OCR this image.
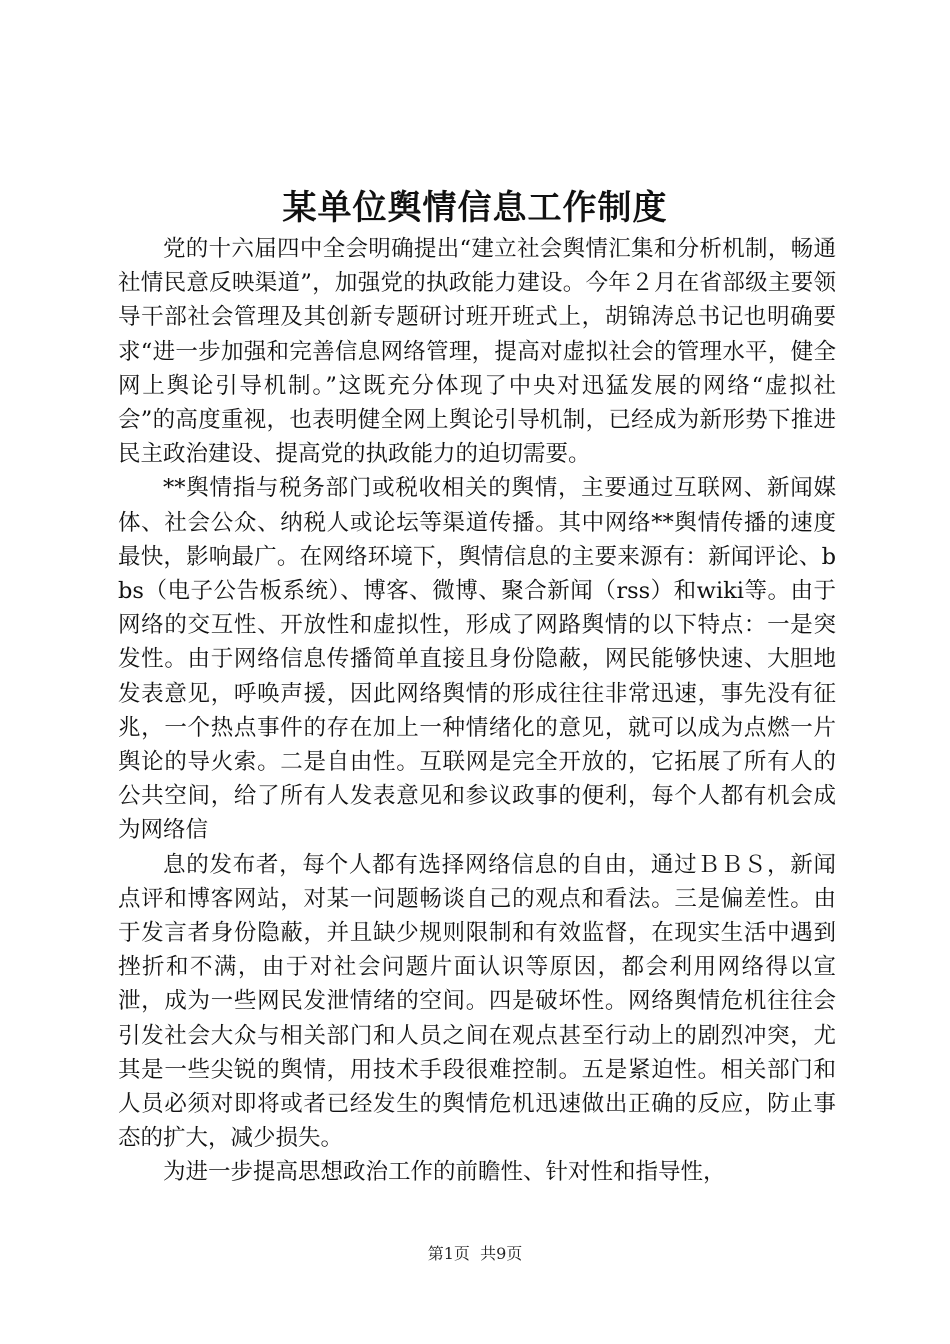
某单位舆情信息工作制度

党的十六届四中全会明确提出“建立社会舆情汇集和分析机制，畅通社情民意反映渠道”，加强党的执政能力建设。今年２月在省部级主要领导干部社会管理及其创新专题研讨班开班式上，胡锦涛总书记也明确要求“进一步加强和完善信息网络管理，提高对虚拟社会的管理水平，健全网上舆论引导机制。”这既充分体现了中央对迅猛发展的网络“虚拟社会”的高度重视，也表明健全网上舆论引导机制，已经成为新形势下推进民主政治建设、提高党的执政能力的迫切需要。

**舆情指与税务部门或税收相关的舆情，主要通过互联网、新闻媒体、社会公众、纳税人或论坛等渠道传播。其中网络**舆情传播的速度最快，影响最广。在网络环境下，舆情信息的主要来源有：新闻评论、bbs（电子公告板系统）、博客、微博、聚合新闻（rss）和wiki等。由于网络的交互性、开放性和虚拟性，形成了网路舆情的以下特点：一是突发性。由于网络信息传播简单直接且身份隐蔽，网民能够快速、大胆地发表意见，呼唤声援，因此网络舆情的形成往往非常迅速，事先没有征兆，一个热点事件的存在加上一种情绪化的意见，就可以成为点燃一片舆论的导火索。二是自由性。互联网是完全开放的，它拓展了所有人的公共空间，给了所有人发表意见和参议政事的便利，每个人都有机会成为网络信

息的发布者，每个人都有选择网络信息的自由，通过ＢＢＳ，新闻点评和博客网站，对某一问题畅谈自己的观点和看法。三是偏差性。由于发言者身份隐蔽，并且缺少规则限制和有效监督，在现实生活中遇到挫折和不满，由于对社会问题片面认识等原因，都会利用网络得以宣泄，成为一些网民发泄情绪的空间。四是破坏性。网络舆情危机往往会引发社会大众与相关部门和人员之间在观点甚至行动上的剧烈冲突，尤其是一些尖锐的舆情，用技术手段很难控制。五是紧迫性。相关部门和人员必须对即将或者已经发生的舆情危机迅速做出正确的反应，防止事态的扩大，减少损失。

为进一步提高思想政治工作的前瞻性、针对性和指导性，

第1页  共9页
